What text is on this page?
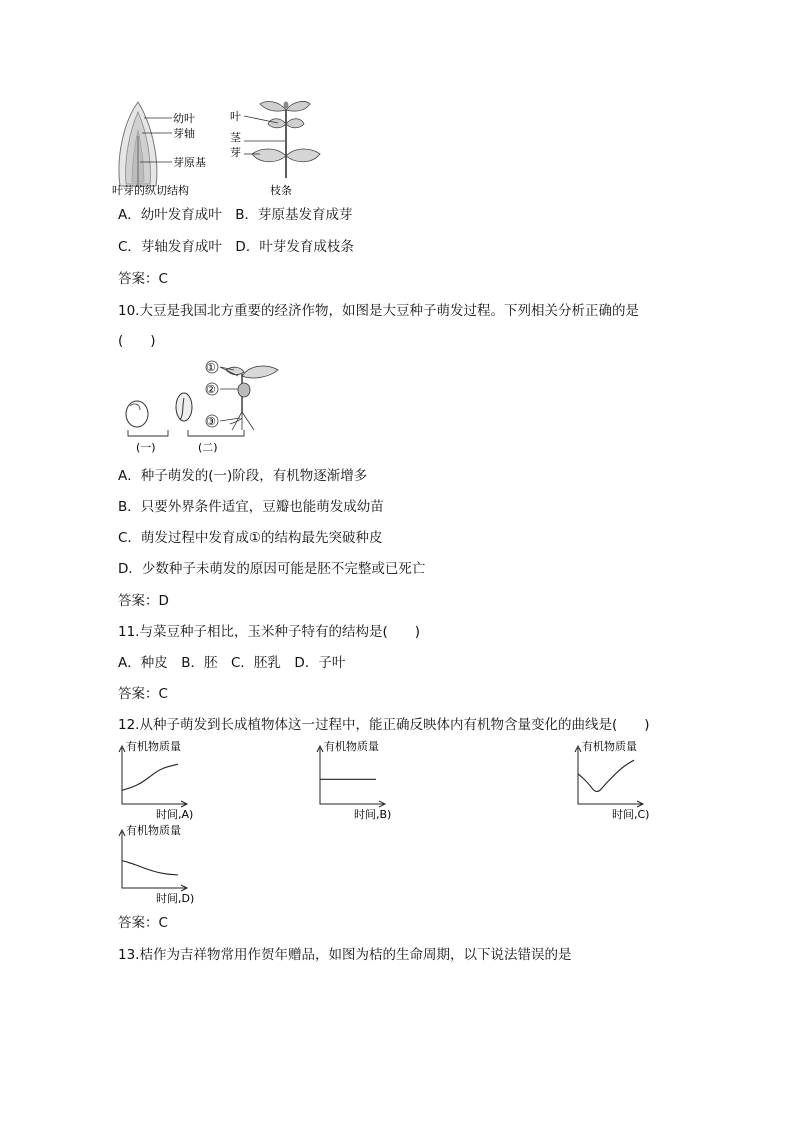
幼叶
芽轴
芽原基
叶芽的纵切结构
叶
茎
芽
枝条
A．幼叶发育成叶　B．芽原基发育成芽
C．芽轴发育成叶　D．叶芽发育成枝条
答案：C
10.大豆是我国北方重要的经济作物，如图是大豆种子萌发过程。下列相关分析正确的是
(　　)
①
②
③
(一)	(二)
A．种子萌发的(一)阶段，有机物逐渐增多
B．只要外界条件适宜，豆瓣也能萌发成幼苗
C．萌发过程中发育成①的结构最先突破种皮
D．少数种子未萌发的原因可能是胚不完整或已死亡
答案：D
11.与菜豆种子相比，玉米种子特有的结构是(　　)
A．种皮　B．胚　C．胚乳　D．子叶
答案：C
12.从种子萌发到长成植物体这一过程中，能正确反映体内有机物含量变化的曲线是(　　)
有机物质量
时间,A)
有机物质量
时间,B)
有机物质量
时间,C)
有机物质量
时间,D)
答案：C
13.桔作为吉祥物常用作贺年赠品，如图为桔的生命周期，以下说法错误的是
